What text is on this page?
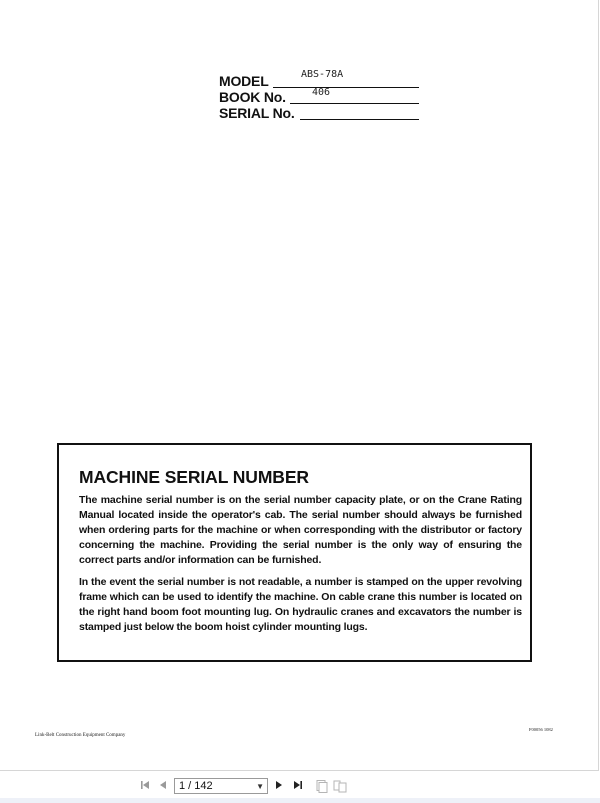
MODEL	ABS-78A
BOOK No.	406
SERIAL No.
MACHINE SERIAL NUMBER

The machine serial number is on the serial number capacity plate, or on the Crane Rating Manual located inside the operator's cab. The serial number should always be furnished when ordering parts for the machine or when corresponding with the distributor or factory concerning the machine. Providing the serial number is the only way of ensuring the correct parts and/or information can be furnished.

In the event the serial number is not readable, a number is stamped on the upper revolving frame which can be used to identify the machine. On cable crane this number is located on the right hand boom foot mounting lug. On hydraulic cranes and excavators the number is stamped just below the boom hoist cylinder mounting lugs.

Link-Belt Construction Equipment Company
F00056 1082
1 / 142	▼
